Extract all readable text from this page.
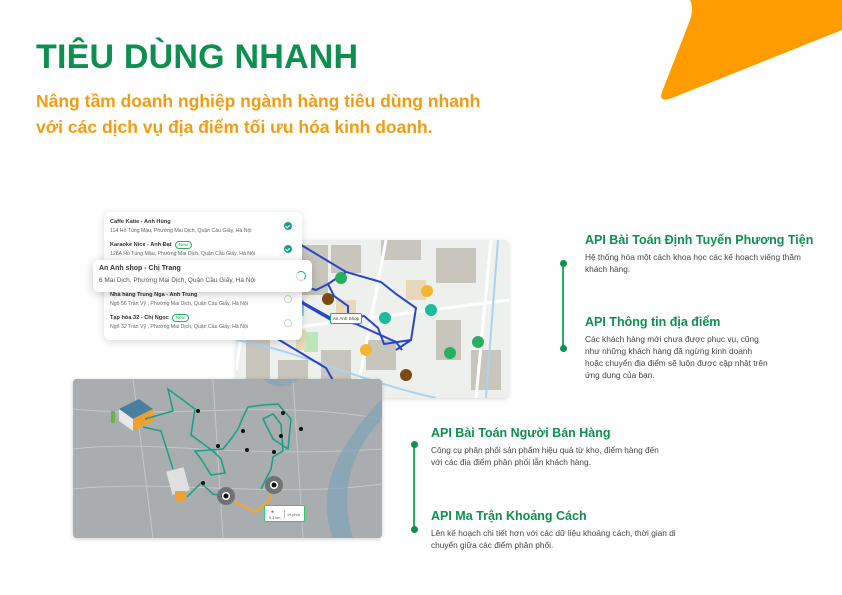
TIÊU DÙNG NHANH
Nâng tầm doanh nghiệp ngành hàng tiêu dùng nhanh
với các dịch vụ địa điểm tối ưu hóa kinh doanh.
An Anh Shop
Caffe Katie - Anh Hùng
114 Hồ Tùng Mậu, Phường Mai Dịch, Quận Cầu Giấy, Hà Nội
Karaoke Nice - Anh Đạt	New
128A Hồ Tùng Mậu, Phường Mai Dịch, Quận Cầu Giấy, Hà Nội
Nhà hàng Trung Nga - Anh Trung
Ngõ 56 Trần Vỹ , Phường Mai Dịch, Quận Cầu Giấy, Hà Nội
Tạp hóa 32 - Chị Ngọc	New
Ngõ 32 Trần Vỹ , Phường Mai Dịch, Quận Cầu Giấy, Hà Nội
An Anh shop - Chị Trang
6 Mai Dịch, Phường Mai Dịch, Quận Cầu Giấy, Hà Nội
●
5,3 km
19 phút
API Bài Toán Định Tuyến Phương Tiện
Hệ thống hóa một cách khoa học các kế hoạch viếng thăm khách hàng.
API Thông tin địa điểm
Các khách hàng mới chưa được phục vụ, cũng như những khách hàng đã ngừng kinh doanh hoặc chuyển địa điểm sẽ luôn được cập nhật trên ứng dụng của bạn.
API Bài Toán Người Bán Hàng
Công cụ phân phối sản phẩm hiệu quả từ kho, điểm hàng đến với các địa điểm phân phối lẫn khách hàng.
API Ma Trận Khoảng Cách
Lên kế hoạch chi tiết hơn với các dữ liệu khoảng cách, thời gian di chuyển giữa các điểm phân phối.
